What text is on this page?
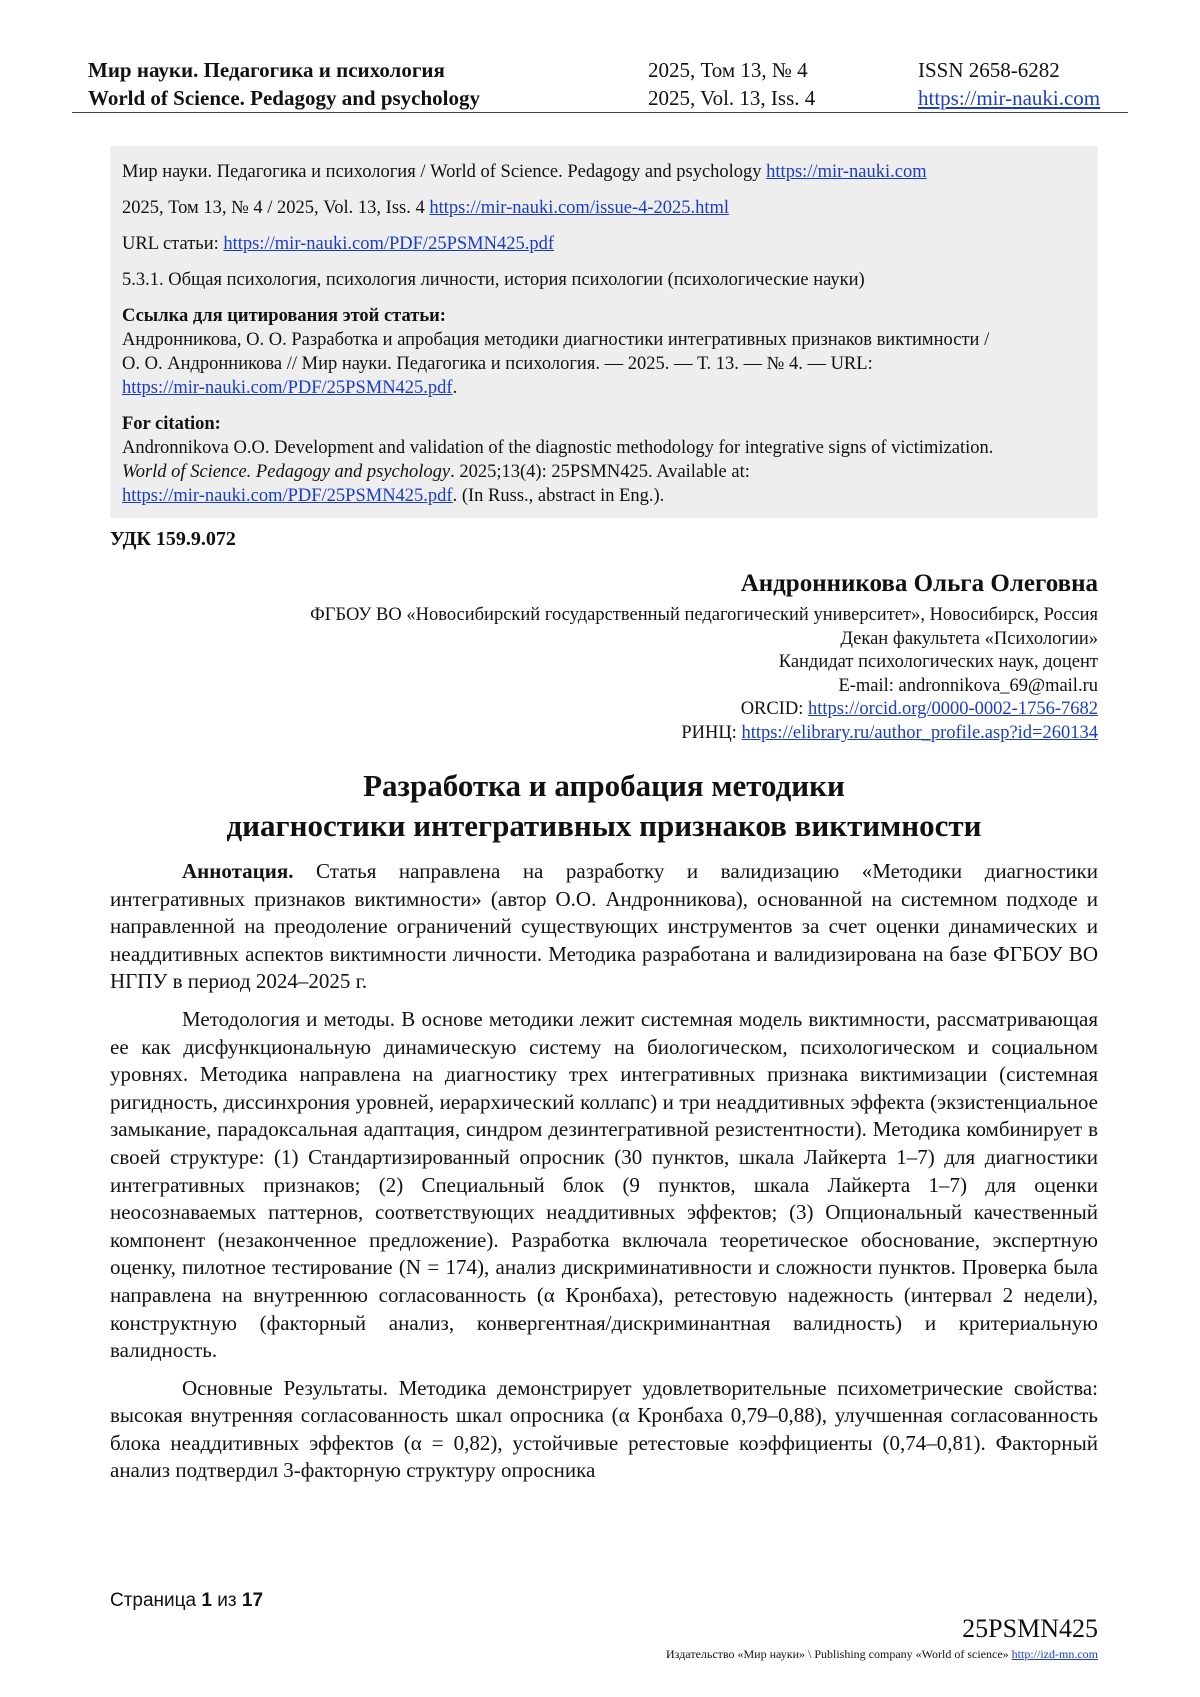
Мир науки. Педагогика и психология
World of Science. Pedagogy and psychology
2025, Том 13, № 4
2025, Vol. 13, Iss. 4
ISSN 2658-6282
https://mir-nauki.com

Мир науки. Педагогика и психология / World of Science. Pedagogy and psychology https://mir-nauki.com

2025, Том 13, № 4 / 2025, Vol. 13, Iss. 4 https://mir-nauki.com/issue-4-2025.html

URL статьи: https://mir-nauki.com/PDF/25PSMN425.pdf

5.3.1. Общая психология, психология личности, история психологии (психологические науки)

Ссылка для цитирования этой статьи:
Андронникова, О. О. Разработка и апробация методики диагностики интегративных признаков виктимности /
О. О. Андронникова // Мир науки. Педагогика и психология. — 2025. — Т. 13. — № 4. — URL:
https://mir-nauki.com/PDF/25PSMN425.pdf.
For citation:
Andronnikova O.O. Development and validation of the diagnostic methodology for integrative signs of victimization.
World of Science. Pedagogy and psychology. 2025;13(4): 25PSMN425. Available at:
https://mir-nauki.com/PDF/25PSMN425.pdf. (In Russ., abstract in Eng.).
УДК 159.9.072
Андронникова Ольга Олеговна
ФГБОУ ВО «Новосибирский государственный педагогический университет», Новосибирск, Россия
Декан факультета «Психологии»
Кандидат психологических наук, доцент
E-mail: andronnikova_69@mail.ru
ORCID: https://orcid.org/0000-0002-1756-7682
РИНЦ: https://elibrary.ru/author_profile.asp?id=260134
Разработка и апробация методики
диагностики интегративных признаков виктимности

Аннотация. Статья направлена на разработку и валидизацию «Методики диагностики интегративных признаков виктимности» (автор О.О. Андронникова), основанной на системном подходе и направленной на преодоление ограничений существующих инструментов за счет оценки динамических и неаддитивных аспектов виктимности личности. Методика разработана и валидизирована на базе ФГБОУ ВО НГПУ в период 2024–2025 г.

Методология и методы. В основе методики лежит системная модель виктимности, рассматривающая ее как дисфункциональную динамическую систему на биологическом, психологическом и социальном уровнях. Методика направлена на диагностику трех интегративных признака виктимизации (системная ригидность, диссинхрония уровней, иерархический коллапс) и три неаддитивных эффекта (экзистенциальное замыкание, парадоксальная адаптация, синдром дезинтегративной резистентности). Методика комбинирует в своей структуре: (1) Стандартизированный опросник (30 пунктов, шкала Лайкерта 1–7) для диагностики интегративных признаков; (2) Специальный блок (9 пунктов, шкала Лайкерта 1–7) для оценки неосознаваемых паттернов, соответствующих неаддитивных эффектов; (3) Опциональный качественный компонент (незаконченное предложение). Разработка включала теоретическое обоснование, экспертную оценку, пилотное тестирование (N = 174), анализ дискриминативности и сложности пунктов. Проверка была направлена на внутреннюю согласованность (α Кронбаха), ретестовую надежность (интервал 2 недели), конструктную (факторный анализ, конвергентная/дискриминантная валидность) и критериальную валидность.

Основные Результаты. Методика демонстрирует удовлетворительные психометрические свойства: высокая внутренняя согласованность шкал опросника (α Кронбаха 0,79–0,88), улучшенная согласованность блока неаддитивных эффектов (α = 0,82), устойчивые ретестовые коэффициенты (0,74–0,81). Факторный анализ подтвердил 3-факторную структуру опросника

Страница 1 из 17
25PSMN425
Издательство «Мир науки» \ Publishing company «World of science» http://izd-mn.com
